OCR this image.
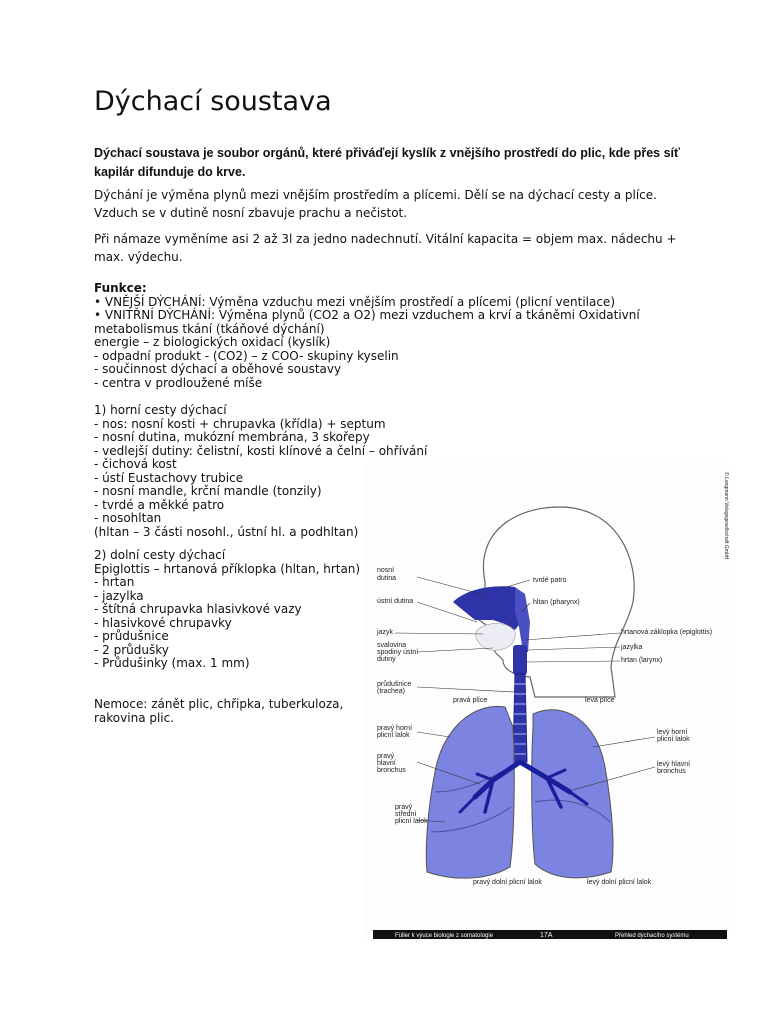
Dýchací soustava

Dýchací soustava je soubor orgánů, které přiváďejí kyslík z vnějšího prostředí do plic, kde přes síť kapilár difunduje do krve.

Dýchání je výměna plynů mezi vnějším prostředím a plícemi. Dělí se na dýchací cesty a plíce. Vzduch se v dutině nosní zbavuje prachu a nečistot.

Při námaze vyměníme asi 2 až 3l za jedno nadechnutí. Vitální kapacita = objem max. nádechu + max. výdechu.

Funkce:
• VNĚJŠÍ DÝCHÁNÍ: Výměna vzduchu mezi vnějším prostředí a plícemi (plicní ventilace)
• VNITŘNÍ DÝCHÁNÍ: Výměna plynů (CO2 a O2) mezi vzduchem a krví a tkáněmi Oxidativní
metabolismus tkání (tkáňové dýchání)
energie – z biologických oxidací (kyslík)
- odpadní produkt - (CO2) – z COO- skupiny kyselin
- součinnost dýchací a oběhové soustavy
- centra v prodloužené míše
1) horní cesty dýchací
- nos: nosní kosti + chrupavka (křídla) + septum
- nosní dutina, mukózní membrána, 3 skořepy
- vedlejší dutiny: čelistní, kosti klínové a čelní – ohřívání
- čichová kost
- ústí Eustachovy trubice
- nosní mandle, krční mandle (tonzily)
- tvrdé a měkké patro
- nosohltan
(hltan – 3 části nosohl., ústní hl. a podhltan)
2) dolní cesty dýchací
Epiglottis – hrtanová příklopka (hltan, hrtan)
- hrtan
- jazylka
- štítná chrupavka hlasivkové vazy
- hlasivkové chrupavky
- průdušnice
- 2 průdušky
- Průdušinky (max. 1 mm)

Nemoce: zánět plic, chřipka, tuberkuloza, rakovina plic.

nosní
dutina
ústní dutina
jazyk
svalovina
spodiny ústní
dutiny
průdušnice
(trachea)
pravá plíce
pravý horní
plicní lalok
pravý
hlavní
bronchus
pravý
střední
plicní lalok
pravý dolní plicní lalok
tvrdé patro
hltan (pharynx)
hrtanová záklopka (epiglottis)
jazylka
hrtan (larynx)
levá plíce
levý horní
plicní lalok
levý hlavní
bronchus
levý dolní plicní lalok
© Langmann Velagsgesellschaft GmbH
Füller k výuce biologie z somatologie	17A	Přehled dýchacího systému
